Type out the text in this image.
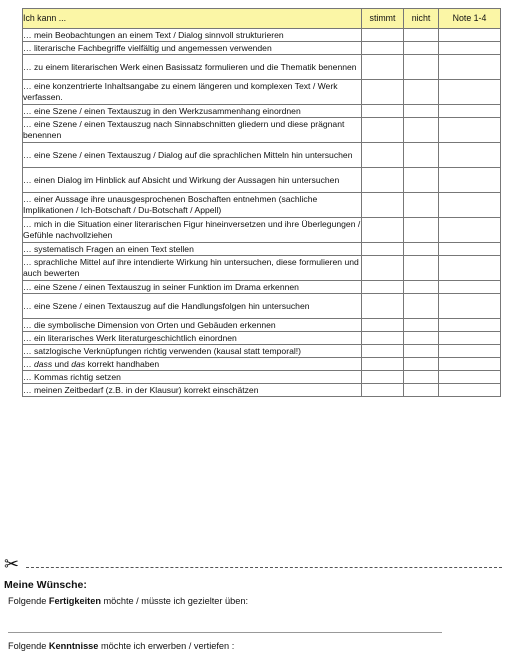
Ich kann ...	stimmt	nicht	Note 1-4
… mein Beobachtungen an einem Text / Dialog sinnvoll strukturieren			
… literarische Fachbegriffe vielfältig und angemessen verwenden			
… zu einem literarischen Werk einen Basissatz formulieren und die Thematik benennen			
… eine konzentrierte Inhaltsangabe zu einem längeren und komplexen Text / Werk verfassen.			
… eine Szene / einen Textauszug in den Werkzusammenhang einordnen			
… eine Szene / einen Textauszug nach Sinnabschnitten gliedern und diese prägnant benennen			
… eine Szene / einen Textauszug / Dialog auf die sprachlichen Mitteln hin untersuchen			
… einen Dialog im Hinblick auf Absicht und Wirkung der Aussagen hin untersuchen			
… einer Aussage ihre unausgesprochenen Boschaften entnehmen (sachliche Implikationen / Ich-Botschaft / Du-Botschaft / Appell)			
… mich in die Situation einer literarischen Figur hineinversetzen und ihre Überlegungen / Gefühle nachvollziehen			
… systematisch Fragen an einen Text stellen			
… sprachliche Mittel auf ihre intendierte Wirkung hin untersuchen, diese formulieren und auch bewerten			
… eine Szene / einen Textauszug in seiner Funktion im Drama erkennen			
… eine Szene / einen Textauszug auf die Handlungsfolgen hin untersuchen			
… die symbolische Dimension von Orten und Gebäuden erkennen			
… ein literarisches Werk literaturgeschichtlich einordnen			
… satzlogische Verknüpfungen richtig verwenden (kausal statt temporal!)			
… dass und das korrekt handhaben			
… Kommas richtig setzen			
… meinen Zeitbedarf (z.B. in der Klausur) korrekt einschätzen			
✂
Meine Wünsche:
Folgende Fertigkeiten möchte / müsste ich gezielter üben:
Folgende Kenntnisse möchte ich erwerben / vertiefen :
